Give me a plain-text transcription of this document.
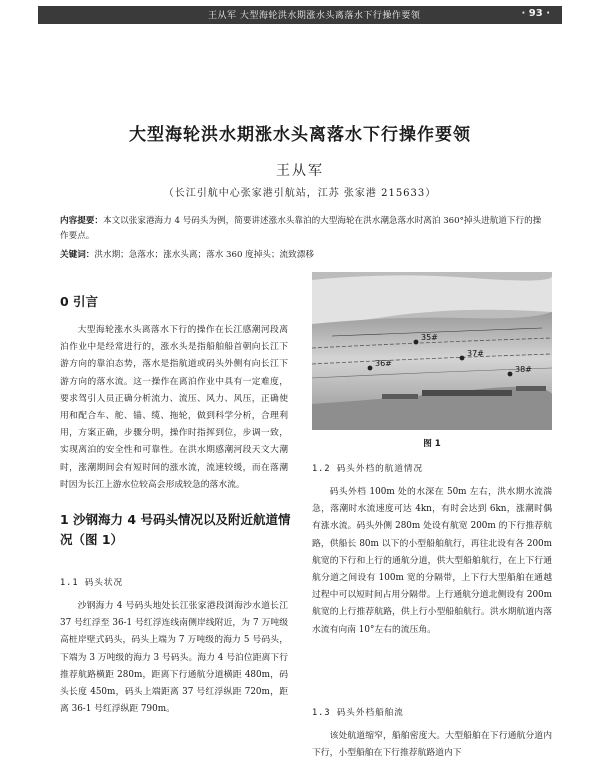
王从军 大型海轮洪水期涨水头离落水下行操作要领	· 93 ·
大型海轮洪水期涨水头离落水下行操作要领
王从军
（长江引航中心张家港引航站，江苏 张家港 215633）
内容提要：本文以张家港海力 4 号码头为例，简要讲述涨水头靠泊的大型海轮在洪水潮急落水时离泊 360°掉头进航道下行的操作要点。
关键词：洪水期；急落水；涨水头离；落水 360 度掉头；流致漂移
0 引言
大型海轮涨水头离落水下行的操作在长江感潮河段离泊作业中是经常进行的，涨水头是指船舶船首朝向长江下游方向的靠泊态势，落水是指航道或码头外侧有向长江下游方向的落水流。这一操作在离泊作业中具有一定难度，要求驾引人员正确分析流力、流压、风力、风压，正确使用和配合车、舵、锚、缆、拖轮，做到科学分析，合理利用，方案正确，步骤分明，操作时指挥到位，步调一致，实现离泊的安全性和可靠性。在洪水期感潮河段天文大潮时，涨潮期间会有短时间的涨水流，流速较缓，而在落潮时因为长江上游水位较高会形成较急的落水流。
1 沙钢海力 4 号码头情况以及附近航道情况（图 1）
1.1 码头状况
沙钢海力 4 号码头地处长江张家港段浏海沙水道长江 37 号红浮至 36-1 号红浮连线南侧岸线附近，为 7 万吨级高桩岸壁式码头，码头上端为 7 万吨级的海力 5 号码头，下端为 3 万吨级的海力 3 号码头。海力 4 号泊位距离下行推荐航路横距 280m，距离下行通航分道横距 480m，码头长度 450m，码头上端距离 37 号红浮纵距 720m，距离 36-1 号红浮纵距 790m。
36#
37#
38#
35#
图 1
1.2 码头外档的航道情况
码头外档 100m 处的水深在 50m 左右，洪水期水流湍急，落潮时水流速度可达 4kn，有时会达到 6kn，涨潮时偶有涨水流。码头外侧 280m 处设有航宽 200m 的下行推荐航路，供船长 80m 以下的小型船舶航行，再往北设有各 200m 航宽的下行和上行的通航分道，供大型船舶航行，在上下行通航分道之间设有 100m 宽的分隔带，上下行大型船舶在通越过程中可以短时间占用分隔带。上行通航分道北侧设有 200m 航宽的上行推荐航路，供上行小型船舶航行。洪水期航道内落水流有向南 10°左右的流压角。
1.3 码头外档船舶流
该处航道缩窄，船舶密度大。大型船舶在下行通航分道内下行，小型船舶在下行推荐航路道内下
